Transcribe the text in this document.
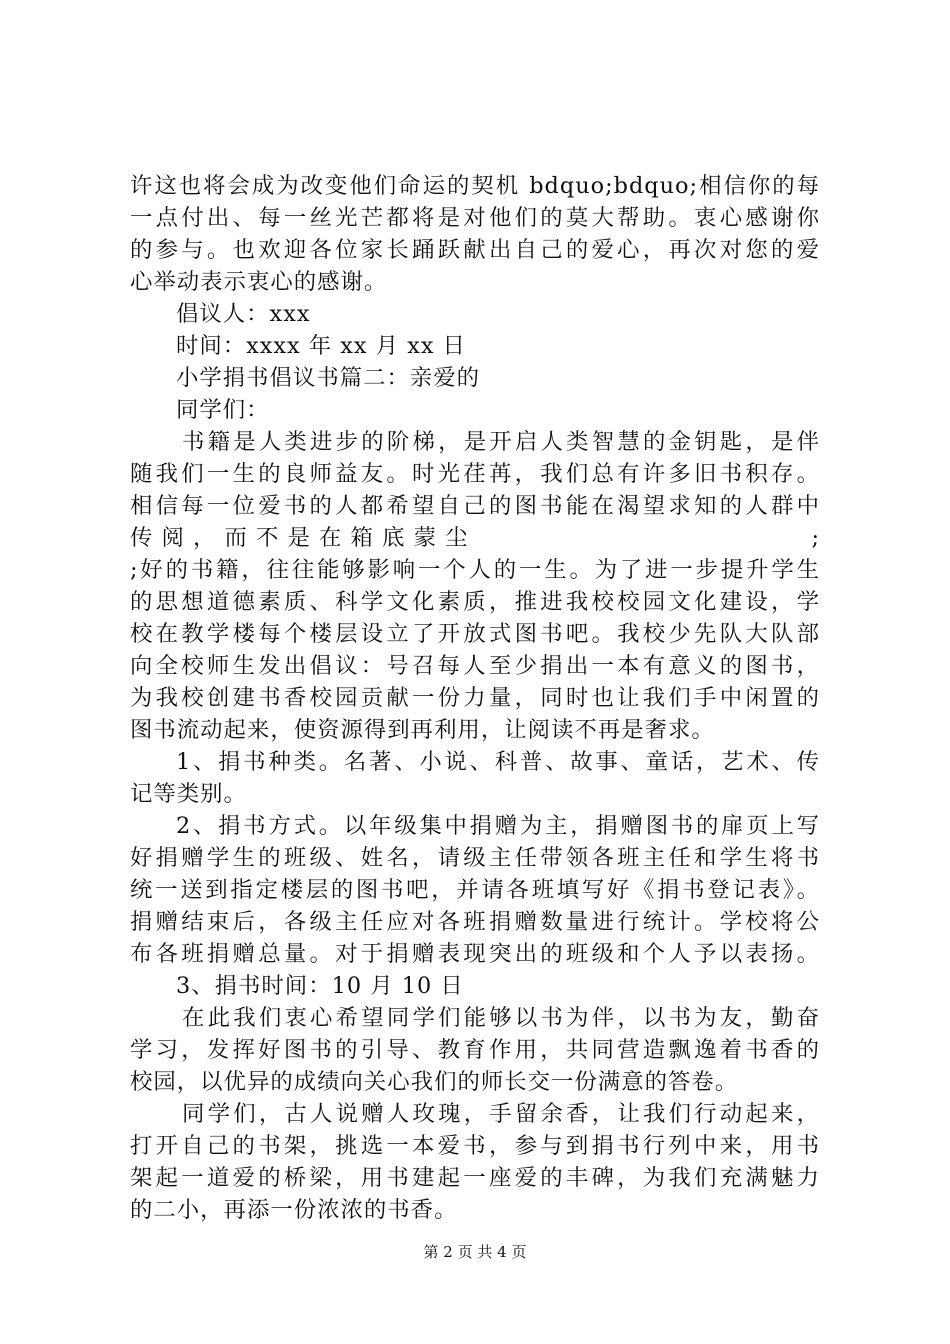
许这也将会成为改变他们命运的契机 bdquo;bdquo;相信你的每
一点付出、每一丝光芒都将是对他们的莫大帮助。衷心感谢你
的参与。也欢迎各位家长踊跃献出自己的爱心，再次对您的爱
心举动表示衷心的感谢。
倡议人：xxx
时间：xxxx 年 xx 月 xx 日
小学捐书倡议书篇二：亲爱的
同学们：
书籍是人类进步的阶梯，是开启人类智慧的金钥匙，是伴
随我们一生的良师益友。时光荏苒，我们总有许多旧书积存。
相信每一位爱书的人都希望自己的图书能在渴望求知的人群中
传 阅 ， 而 不 是 在 箱 底 蒙 尘	;
;好的书籍，往往能够影响一个人的一生。为了进一步提升学生
的思想道德素质、科学文化素质，推进我校校园文化建设，学
校在教学楼每个楼层设立了开放式图书吧。我校少先队大队部
向全校师生发出倡议：号召每人至少捐出一本有意义的图书，
为我校创建书香校园贡献一份力量，同时也让我们手中闲置的
图书流动起来，使资源得到再利用，让阅读不再是奢求。
1、捐书种类。名著、小说、科普、故事、童话，艺术、传
记等类别。
2、捐书方式。以年级集中捐赠为主，捐赠图书的扉页上写
好捐赠学生的班级、姓名，请级主任带领各班主任和学生将书
统一送到指定楼层的图书吧，并请各班填写好《捐书登记表》。
捐赠结束后，各级主任应对各班捐赠数量进行统计。学校将公
布各班捐赠总量。对于捐赠表现突出的班级和个人予以表扬。
3、捐书时间：10 月 10 日
在此我们衷心希望同学们能够以书为伴，以书为友，勤奋
学习，发挥好图书的引导、教育作用，共同营造飘逸着书香的
校园，以优异的成绩向关心我们的师长交一份满意的答卷。
同学们，古人说赠人玫瑰，手留余香，让我们行动起来，
打开自己的书架，挑选一本爱书，参与到捐书行列中来，用书
架起一道爱的桥梁，用书建起一座爱的丰碑，为我们充满魅力
的二小，再添一份浓浓的书香。
第 2 页 共 4 页
